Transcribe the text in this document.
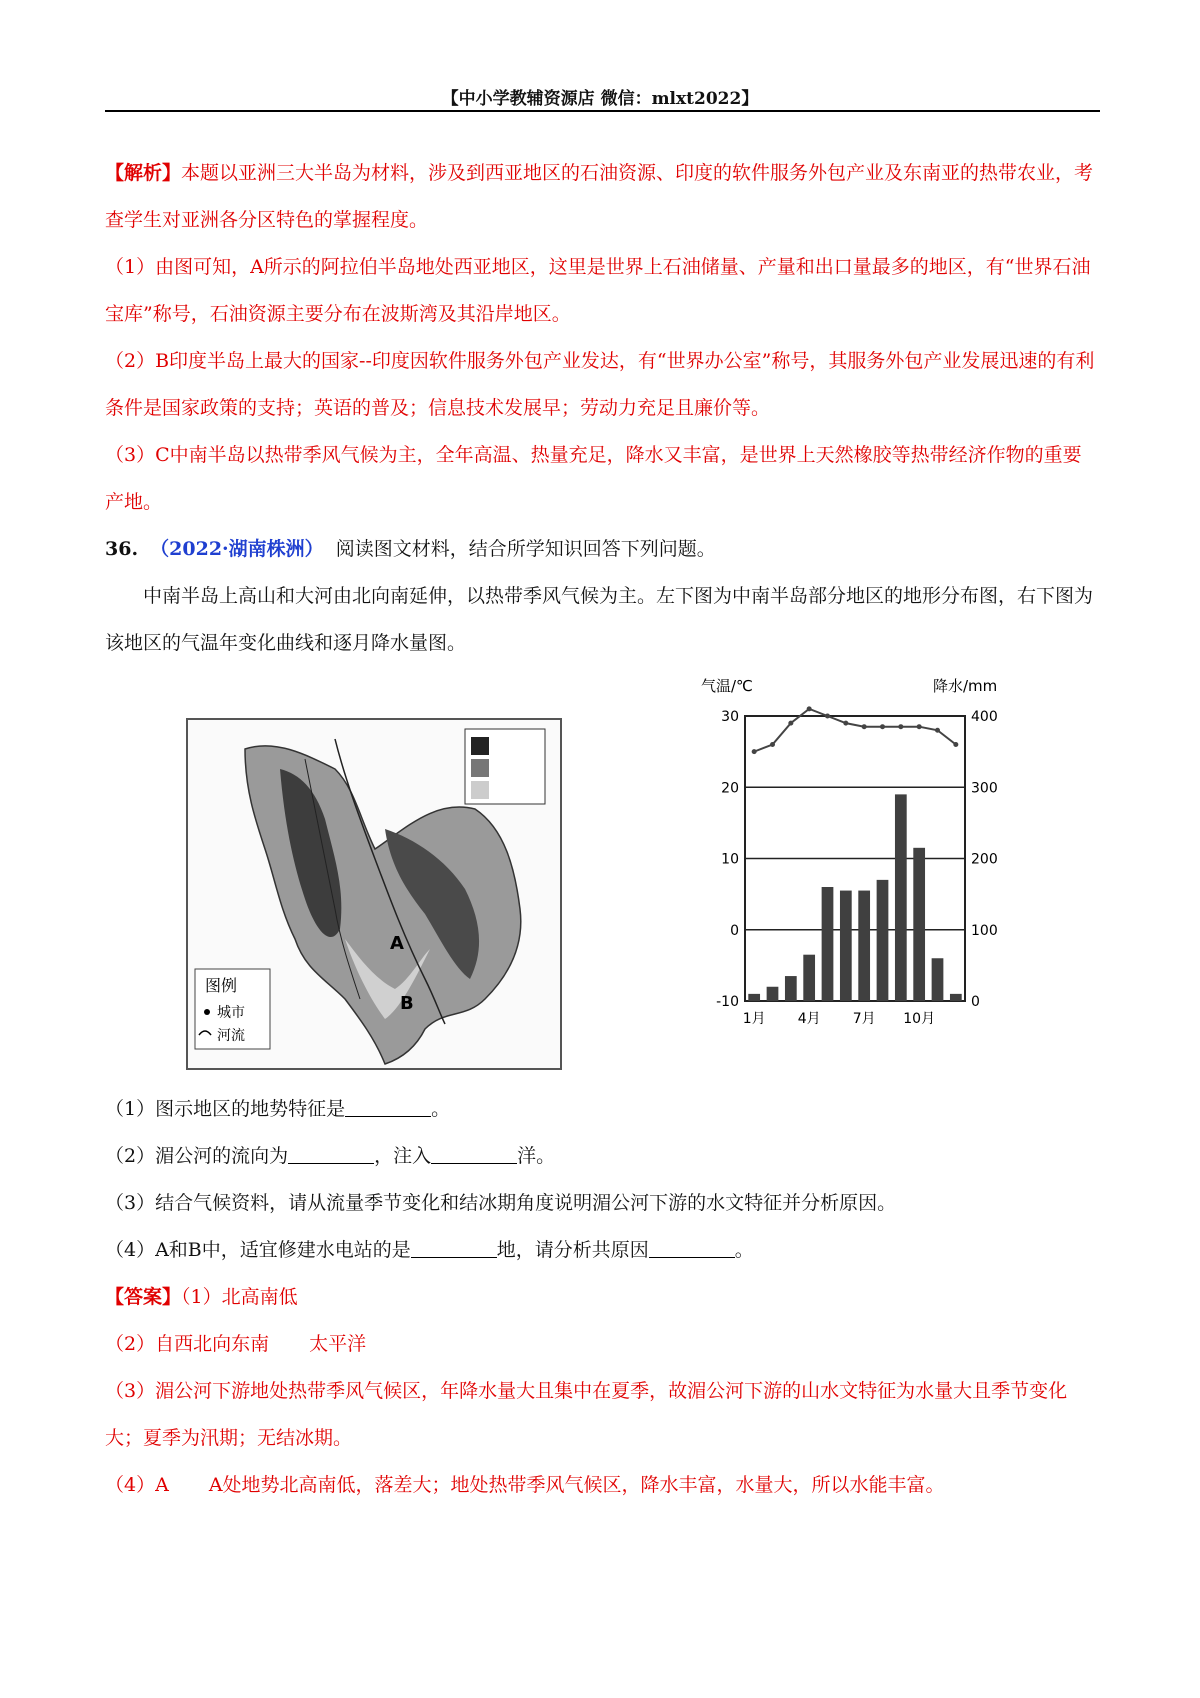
【中小学教辅资源店 微信：mlxt2022】

【解析】本题以亚洲三大半岛为材料，涉及到西亚地区的石油资源、印度的软件服务外包产业及东南亚的热带农业，考查学生对亚洲各分区特色的掌握程度。

（1）由图可知，A所示的阿拉伯半岛地处西亚地区，这里是世界上石油储量、产量和出口量最多的地区，有“世界石油宝库”称号，石油资源主要分布在波斯湾及其沿岸地区。

（2）B印度半岛上最大的国家--印度因软件服务外包产业发达，有“世界办公室”称号，其服务外包产业发展迅速的有利条件是国家政策的支持；英语的普及；信息技术发展早；劳动力充足且廉价等。

（3）C中南半岛以热带季风气候为主，全年高温、热量充足，降水又丰富，是世界上天然橡胶等热带经济作物的重要产地。

36. （2022·湖南株洲） 阅读图文材料，结合所学知识回答下列问题。

中南半岛上高山和大河由北向南延伸，以热带季风气候为主。左下图为中南半岛部分地区的地形分布图，右下图为该地区的气温年变化曲线和逐月降水量图。

图例
城市
河流
A
B
气温/℃	降水/mm
30	400
20	300
10	200
0	100
-10	0
1月 4月 7月 10月

（1）图示地区的地势特征是	。

（2）湄公河的流向为	，注入	洋。

（3）结合气候资料，请从流量季节变化和结冰期角度说明湄公河下游的水文特征并分析原因。

（4）A和B中，适宜修建水电站的是	地，请分析共原因	。

【答案】（1）北高南低

（2）自西北向东南 太平洋

（3）湄公河下游地处热带季风气候区，年降水量大且集中在夏季，故湄公河下游的山水文特征为水量大且季节变化大；夏季为汛期；无结冰期。

（4）A A处地势北高南低，落差大；地处热带季风气候区，降水丰富，水量大，所以水能丰富。
